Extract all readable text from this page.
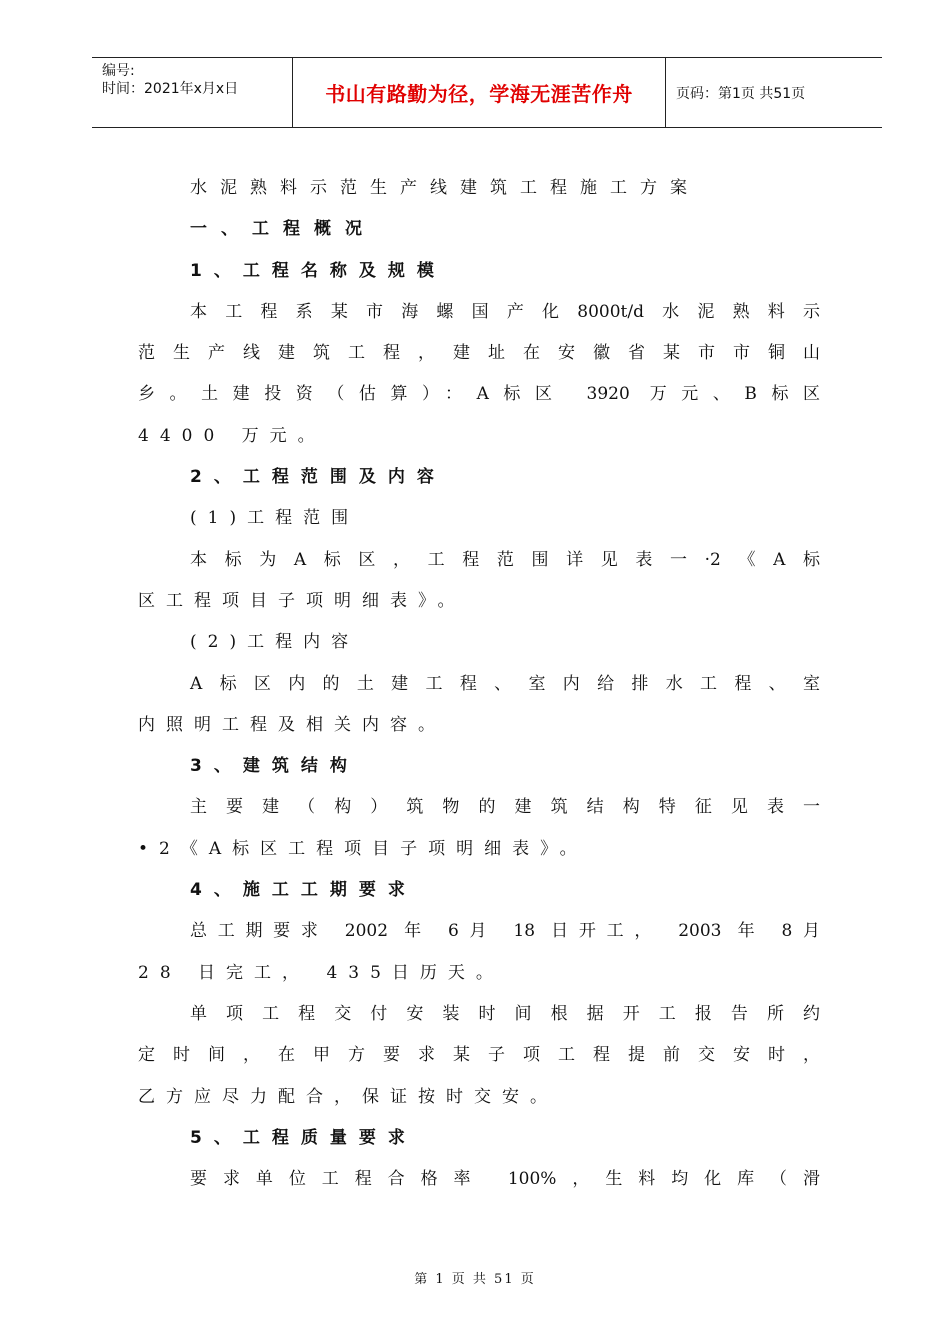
编号:
时间：2021年x月x日	书山有路勤为径，学海无涯苦作舟	页码：第1页 共51页
水泥熟料示范生产线建筑工程施工方案
一、工程概况
1、工程名称及规模
本工程系某市海螺国产化8000t/d水泥熟料示
范生产线建筑工程，建址在安徽省某市市铜山
乡。土建投资（估算）：A标区 3920 万元、B标区
4400 万元。
2、工程范围及内容
(1)工程范围
本标为A标区，工程范围详见表一·2《A标
区工程项目子项明细表》。
(2)工程内容
A标区内的土建工程、室内给排水工程、室
内照明工程及相关内容。
3、建筑结构
主要建（构）筑物的建筑结构特征见表一
•2《A标区工程项目子项明细表》。
4、施工工期要求
总工期要求 2002 年 6月 18 日开工， 2003 年 8月
28 日完工， 435日历天。
单项工程交付安装时间根据开工报告所约
定时间，在甲方要求某子项工程提前交安时，
乙方应尽力配合，保证按时交安。
5、工程质量要求
要求单位工程合格率 100%，生料均化库（滑
第 1 页 共 51 页
